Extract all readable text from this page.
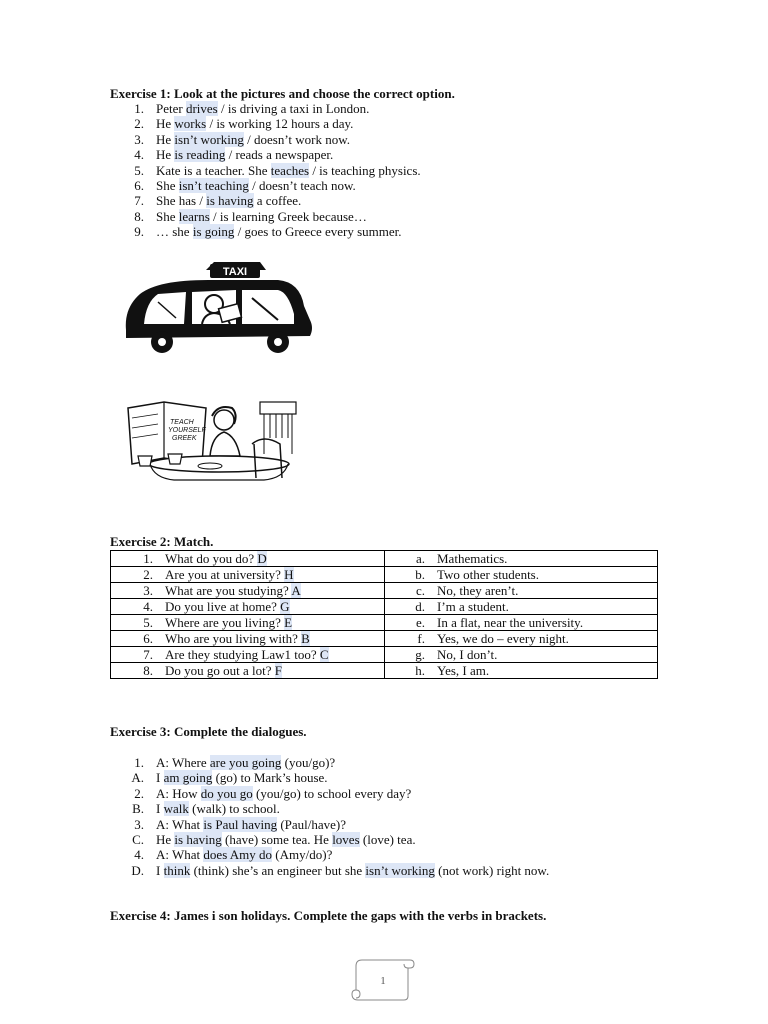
Exercise 1: Look at the pictures and choose the correct option.
1. Peter drives / is driving a taxi in London.
2. He works / is working 12 hours a day.
3. He isn’t working / doesn’t work now.
4. He is reading / reads a newspaper.
5. Kate is a teacher. She teaches / is teaching physics.
6. She isn’t teaching / doesn’t teach now.
7. She has / is having a coffee.
8. She learns / is learning Greek because…
9. … she is going / goes to Greece every summer.
TAXI
TEACH
YOURSELF
GREEK
Exercise 2: Match.
1. What do you do? D	a. Mathematics.
2. Are you at university? H	b. Two other students.
3. What are you studying? A	c. No, they aren’t.
4. Do you live at home? G	d. I’m a student.
5. Where are you living? E	e. In a flat, near the university.
6. Who are you living with? B	f. Yes, we do – every night.
7. Are they studying Law1 too? C	g. No, I don’t.
8. Do you go out a lot? F	h. Yes, I am.
Exercise 3: Complete the dialogues.
1. A: Where are you going (you/go)?
A. I am going (go) to Mark’s house.
2. A: How do you go (you/go) to school every day?
B. I walk (walk) to school.
3. A: What is Paul having (Paul/have)?
C. He is having (have) some tea. He loves (love) tea.
4. A: What does Amy do (Amy/do)?
D. I think (think) she’s an engineer but she isn’t working (not work) right now.
Exercise 4: James i son holidays. Complete the gaps with the verbs in brackets.
1
